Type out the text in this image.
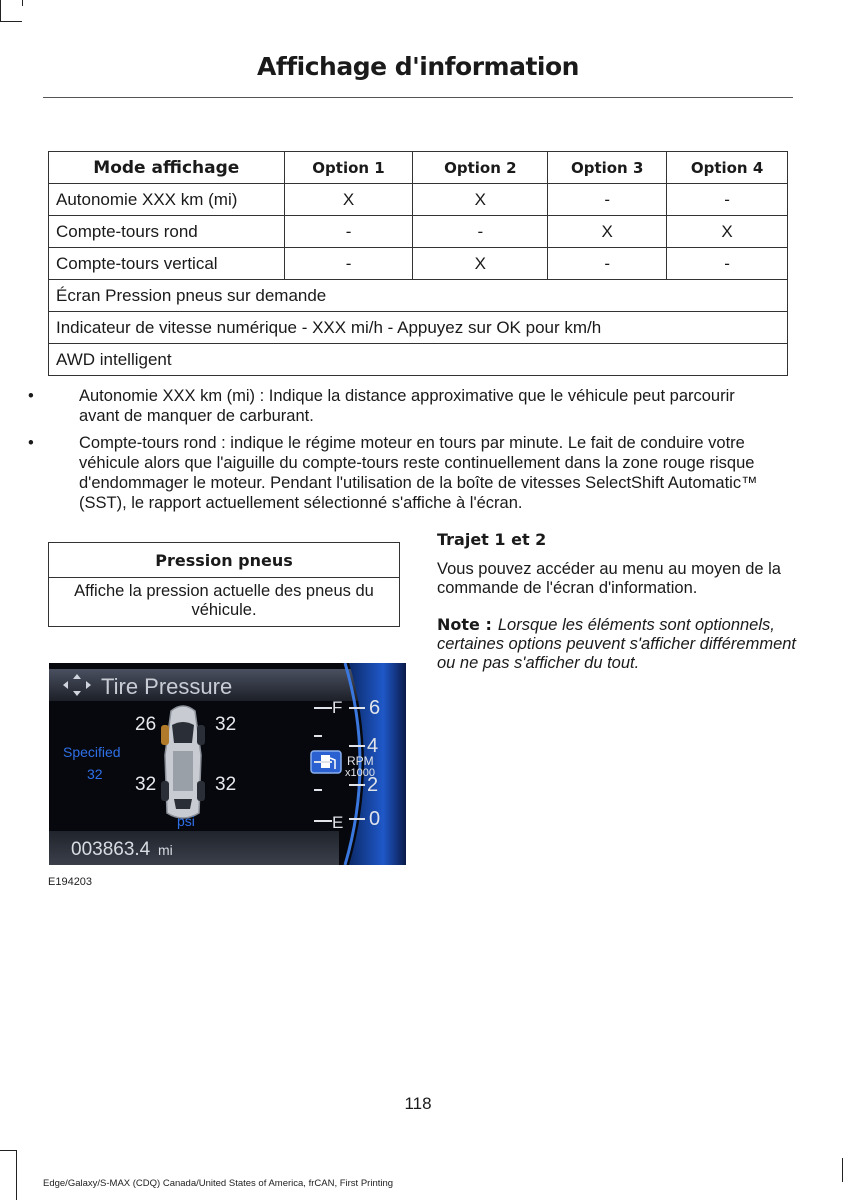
Affichage d'information
Mode affichage	Option 1	Option 2	Option 3	Option 4
Autonomie XXX km (mi)	X	X	-	-
Compte-tours rond	-	-	X	X
Compte-tours vertical	-	X	-	-
Écran Pression pneus sur demande				
Indicateur de vitesse numérique - XXX mi/h - Appuyez sur OK pour km/h				
AWD intelligent				
•	Autonomie XXX km (mi) : Indique la distance approximative que le véhicule peut parcourir avant de manquer de carburant.
•	Compte-tours rond : indique le régime moteur en tours par minute. Le fait de conduire votre véhicule alors que l'aiguille du compte-tours reste continuellement dans la zone rouge risque d'endommager le moteur. Pendant l'utilisation de la boîte de vitesses SelectShift Automatic™ (SST), le rapport actuellement sélectionné s'affiche à l'écran.
Pression pneus
Affiche la pression actuelle des pneus du véhicule.
Tire Pressure
26	32
32	32
Specified
32
psi
003863.4 mi
F
E
6
4
2
0
RPM
x1000
E194203
Trajet 1 et 2

Vous pouvez accéder au menu au moyen de la commande de l'écran d'information.

Note : Lorsque les éléments sont optionnels, certaines options peuvent s'afficher différemment ou ne pas s'afficher du tout.

118
Edge/Galaxy/S-MAX (CDQ) Canada/United States of America, frCAN, First Printing
